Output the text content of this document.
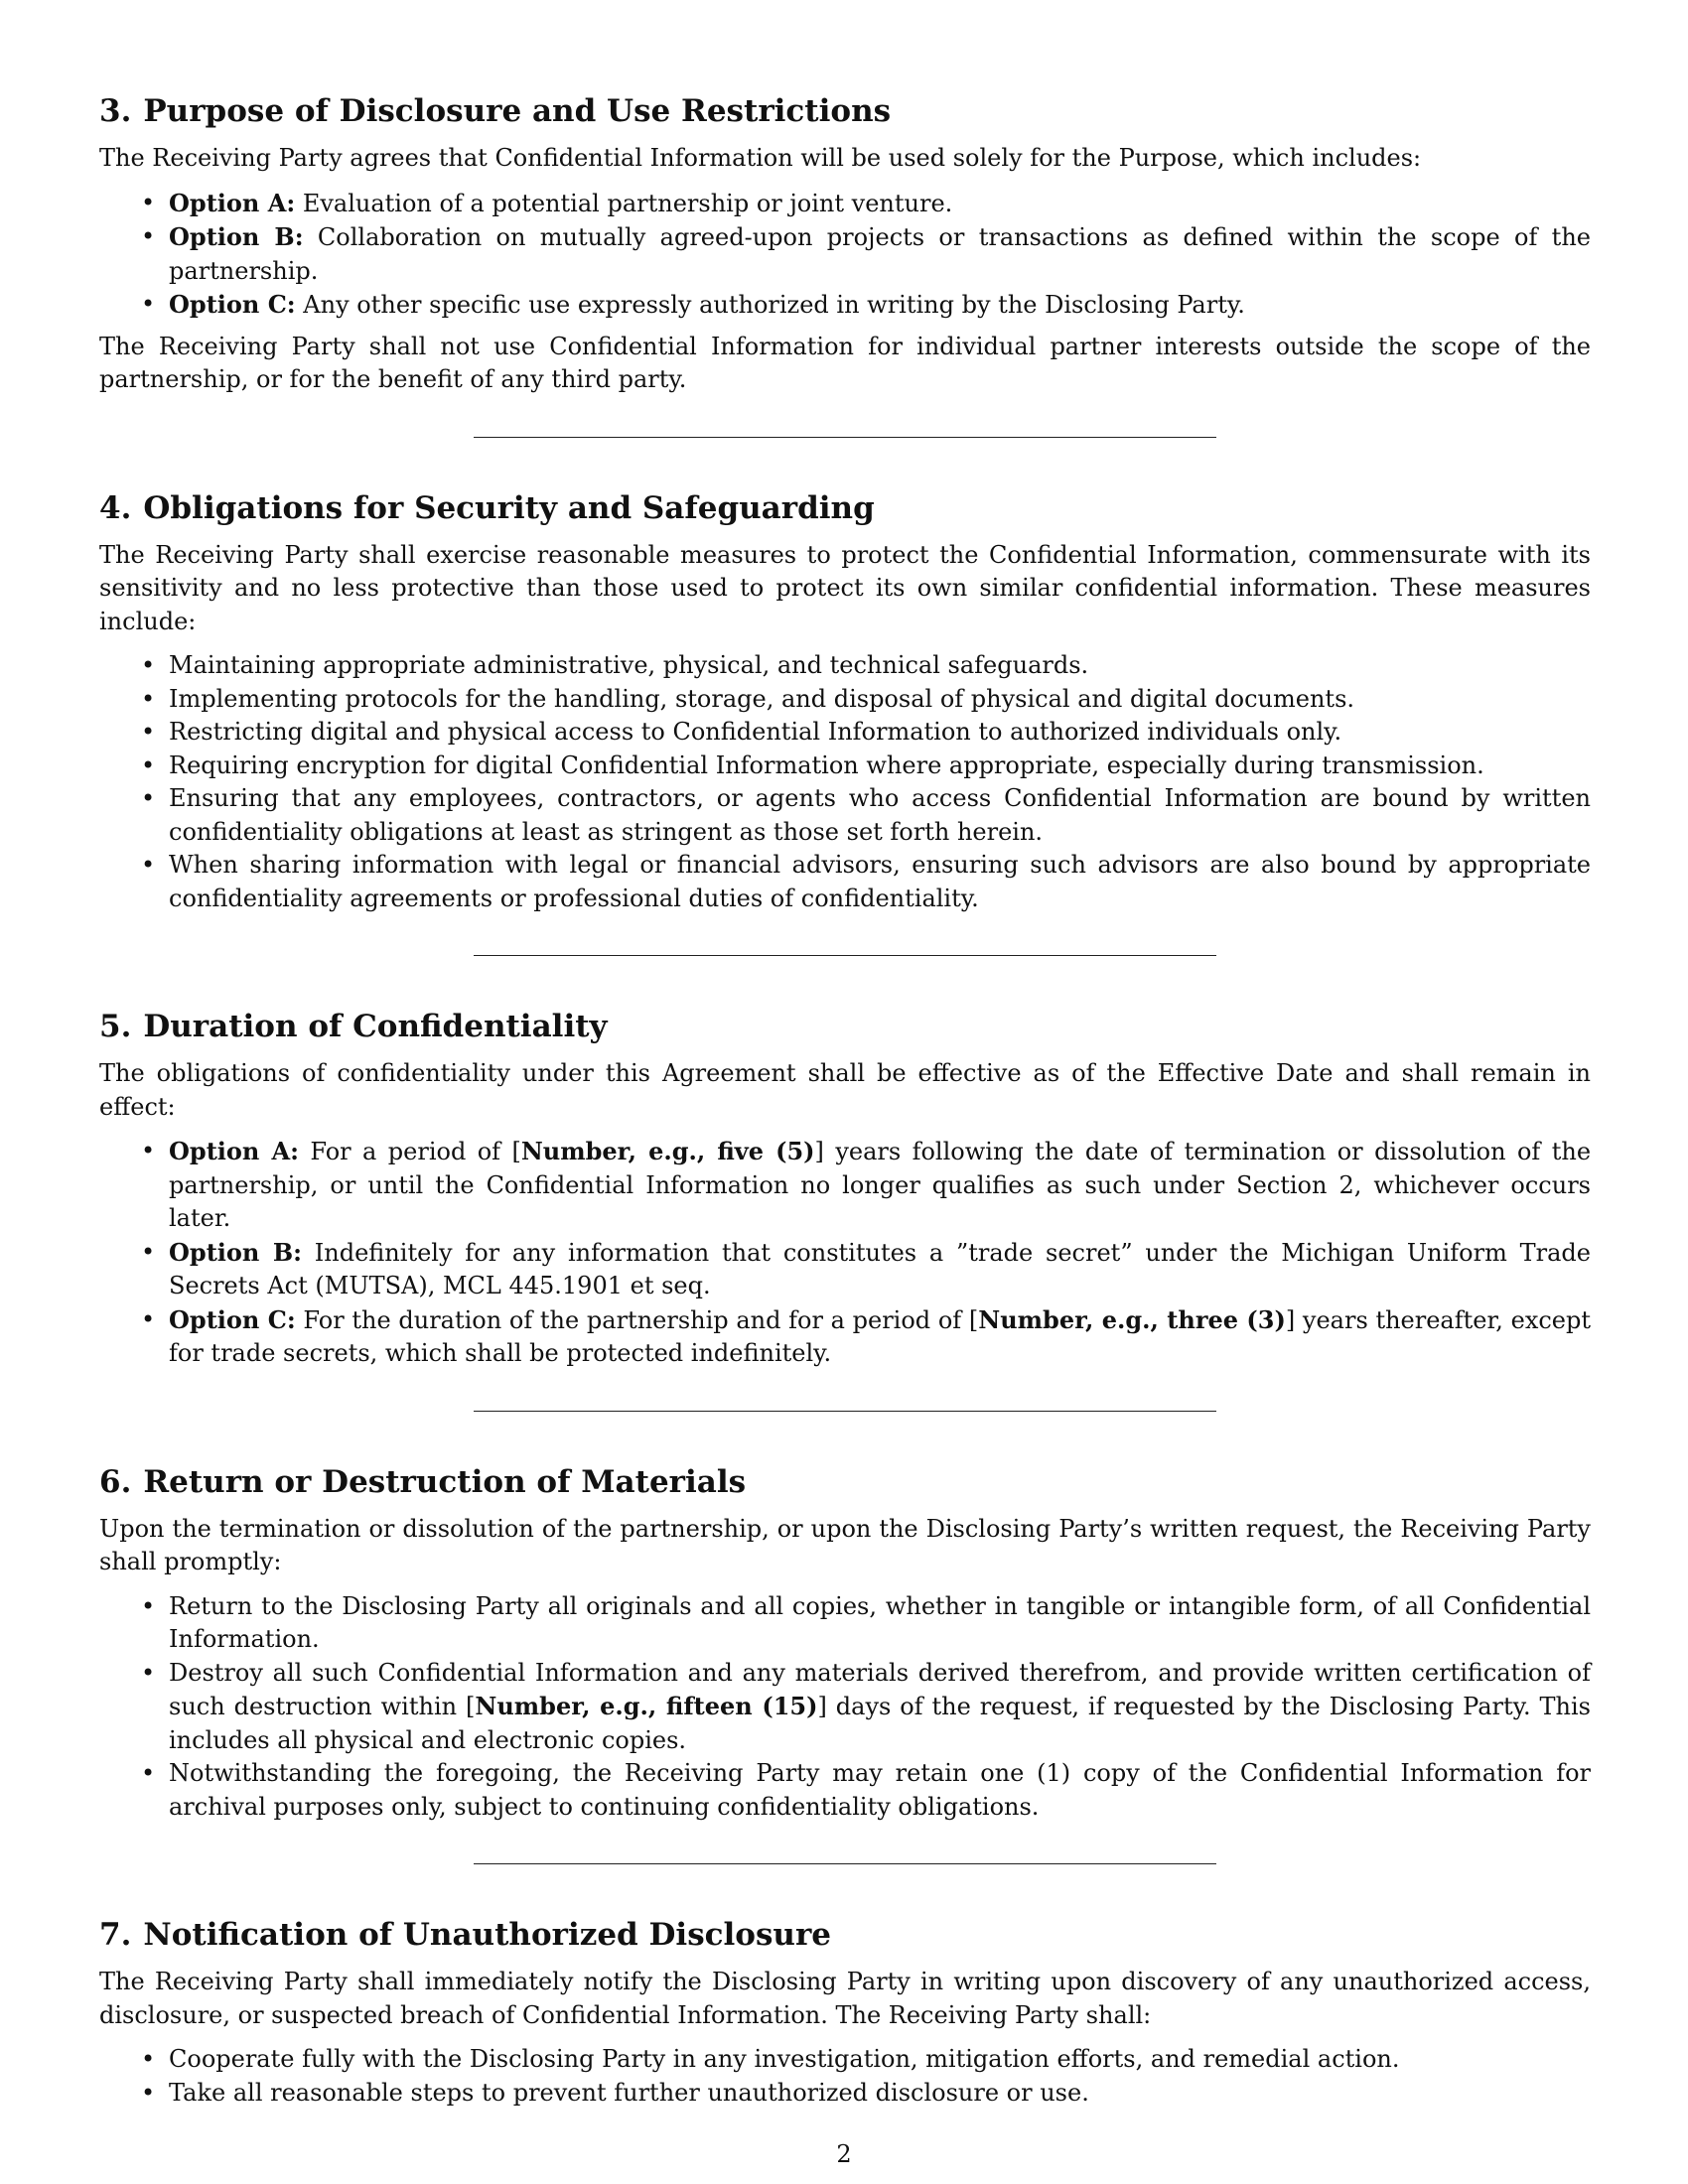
3. Purpose of Disclosure and Use Restrictions

The Receiving Party agrees that Confidential Information will be used solely for the Purpose, which includes:

• Option A: Evaluation of a potential partnership or joint venture.
• Option B: Collaboration on mutually agreed-upon projects or transactions as defined within the scope of the partnership.
• Option C: Any other specific use expressly authorized in writing by the Disclosing Party.

The Receiving Party shall not use Confidential Information for individual partner interests outside the scope of the partnership, or for the benefit of any third party.

4. Obligations for Security and Safeguarding

The Receiving Party shall exercise reasonable measures to protect the Confidential Information, commensurate with its sensitivity and no less protective than those used to protect its own similar confidential information. These measures include:

• Maintaining appropriate administrative, physical, and technical safeguards.
• Implementing protocols for the handling, storage, and disposal of physical and digital documents.
• Restricting digital and physical access to Confidential Information to authorized individuals only.
• Requiring encryption for digital Confidential Information where appropriate, especially during transmission.
• Ensuring that any employees, contractors, or agents who access Confidential Information are bound by written confidentiality obligations at least as stringent as those set forth herein.
• When sharing information with legal or financial advisors, ensuring such advisors are also bound by appropriate confidentiality agreements or professional duties of confidentiality.
5. Duration of Confidentiality

The obligations of confidentiality under this Agreement shall be effective as of the Effective Date and shall remain in effect:

• Option A: For a period of [Number, e.g., five (5)] years following the date of termination or dissolution of the partnership, or until the Confidential Information no longer qualifies as such under Section 2, whichever occurs later.
• Option B: Indefinitely for any information that constitutes a ”trade secret” under the Michigan Uniform Trade Secrets Act (MUTSA), MCL 445.1901 et seq.
• Option C: For the duration of the partnership and for a period of [Number, e.g., three (3)] years thereafter, except for trade secrets, which shall be protected indefinitely.
6. Return or Destruction of Materials

Upon the termination or dissolution of the partnership, or upon the Disclosing Party’s written request, the Receiving Party shall promptly:

• Return to the Disclosing Party all originals and all copies, whether in tangible or intangible form, of all Confidential Information.
• Destroy all such Confidential Information and any materials derived therefrom, and provide written certification of such destruction within [Number, e.g., fifteen (15)] days of the request, if requested by the Disclosing Party. This includes all physical and electronic copies.
• Notwithstanding the foregoing, the Receiving Party may retain one (1) copy of the Confidential Information for archival purposes only, subject to continuing confidentiality obligations.
7. Notification of Unauthorized Disclosure

The Receiving Party shall immediately notify the Disclosing Party in writing upon discovery of any unauthorized access, disclosure, or suspected breach of Confidential Information. The Receiving Party shall:

• Cooperate fully with the Disclosing Party in any investigation, mitigation efforts, and remedial action.
• Take all reasonable steps to prevent further unauthorized disclosure or use.
2
